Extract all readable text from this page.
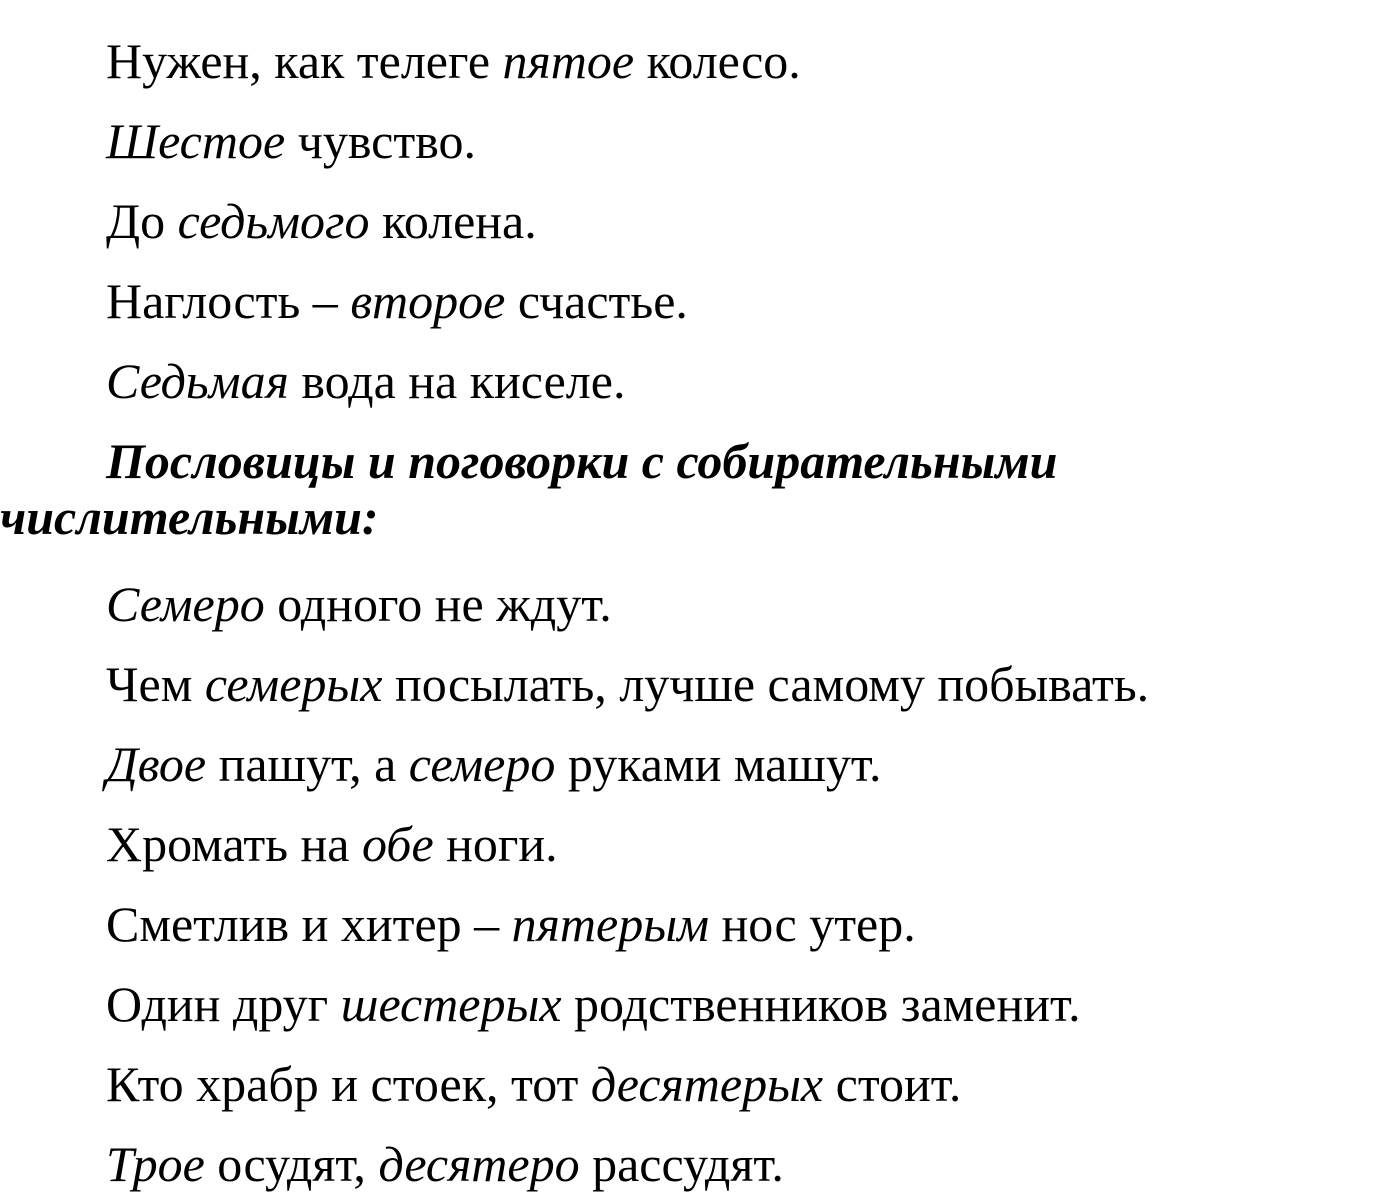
Нужен, как телеге пятое колесо.
Шестое чувство.
До седьмого колена.
Наглость – второе счастье.
Седьмая вода на киселе.
Пословицы и поговорки с собирательными
числительными:
Семеро одного не ждут.
Чем семерых посылать, лучше самому побывать.
Двое пашут, а семеро руками машут.
Хромать на обе ноги.
Сметлив и хитер – пятерым нос утер.
Один друг шестерых родственников заменит.
Кто храбр и стоек, тот десятерых стоит.
Трое осудят, десятеро рассудят.
